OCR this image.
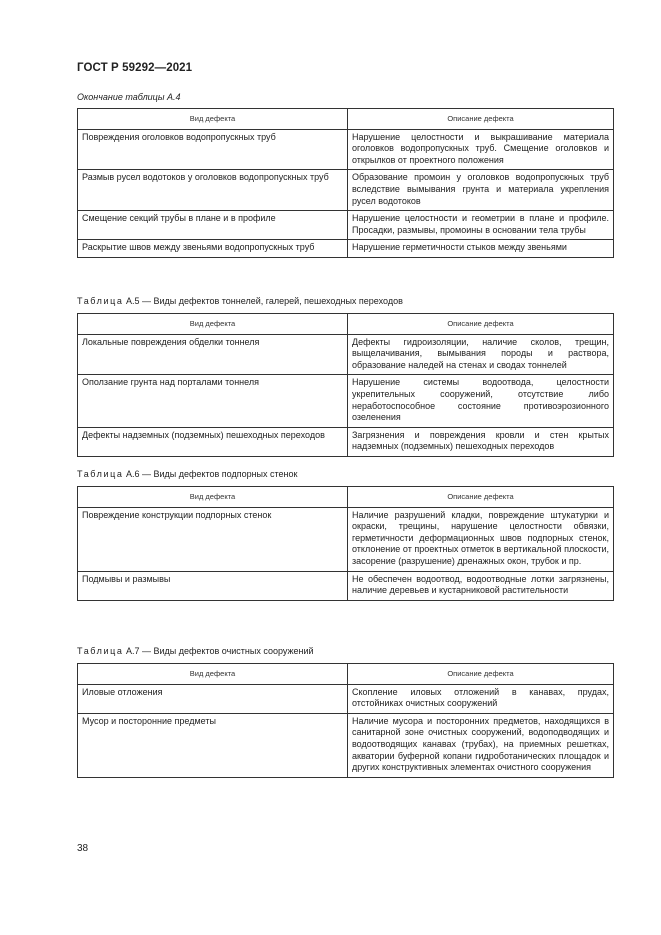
ГОСТ Р 59292—2021
Окончание таблицы А.4
Вид дефекта	Описание дефекта
Повреждения оголовков водопропускных труб	Нарушение целостности и выкрашивание материала оголовков водопропускных труб. Смещение оголовков и открылков от проектного положения
Размыв русел водотоков у оголовков водопропускных труб	Образование промоин у оголовков водопропускных труб вследствие вымывания грунта и материала укрепления русел водотоков
Смещение секций трубы в плане и в профиле	Нарушение целостности и геометрии в плане и профиле. Просадки, размывы, промоины в основании тела трубы
Раскрытие швов между звеньями водопропускных труб	Нарушение герметичности стыков между звеньями
Таблица А.5 — Виды дефектов тоннелей, галерей, пешеходных переходов
Вид дефекта	Описание дефекта
Локальные повреждения обделки тоннеля	Дефекты гидроизоляции, наличие сколов, трещин, выщелачивания, вымывания породы и раствора, образование наледей на стенах и сводах тоннелей
Оползание грунта над порталами тоннеля	Нарушение системы водоотвода, целостности укрепительных сооружений, отсутствие либо неработоспособное состояние противоэрозионного озеленения
Дефекты надземных (подземных) пешеходных переходов	Загрязнения и повреждения кровли и стен крытых надземных (подземных) пешеходных переходов
Таблица А.6 — Виды дефектов подпорных стенок
Вид дефекта	Описание дефекта
Повреждение конструкции подпорных стенок	Наличие разрушений кладки, повреждение штукатурки и окраски, трещины, нарушение целостности обвязки, герметичности деформационных швов подпорных стенок, отклонение от проектных отметок в вертикальной плоскости, засорение (разрушение) дренажных окон, трубок и пр.
Подмывы и размывы	Не обеспечен водоотвод, водоотводные лотки загрязнены, наличие деревьев и кустарниковой растительности
Таблица А.7 — Виды дефектов очистных сооружений
Вид дефекта	Описание дефекта
Иловые отложения	Скопление иловых отложений в канавах, прудах, отстойниках очистных сооружений
Мусор и посторонние предметы	Наличие мусора и посторонних предметов, находящихся в санитарной зоне очистных сооружений, водоподводящих и водоотводящих канавах (трубах), на приемных решетках, акватории буферной копани гидроботанических площадок и других конструктивных элементах очистного сооружения
38
